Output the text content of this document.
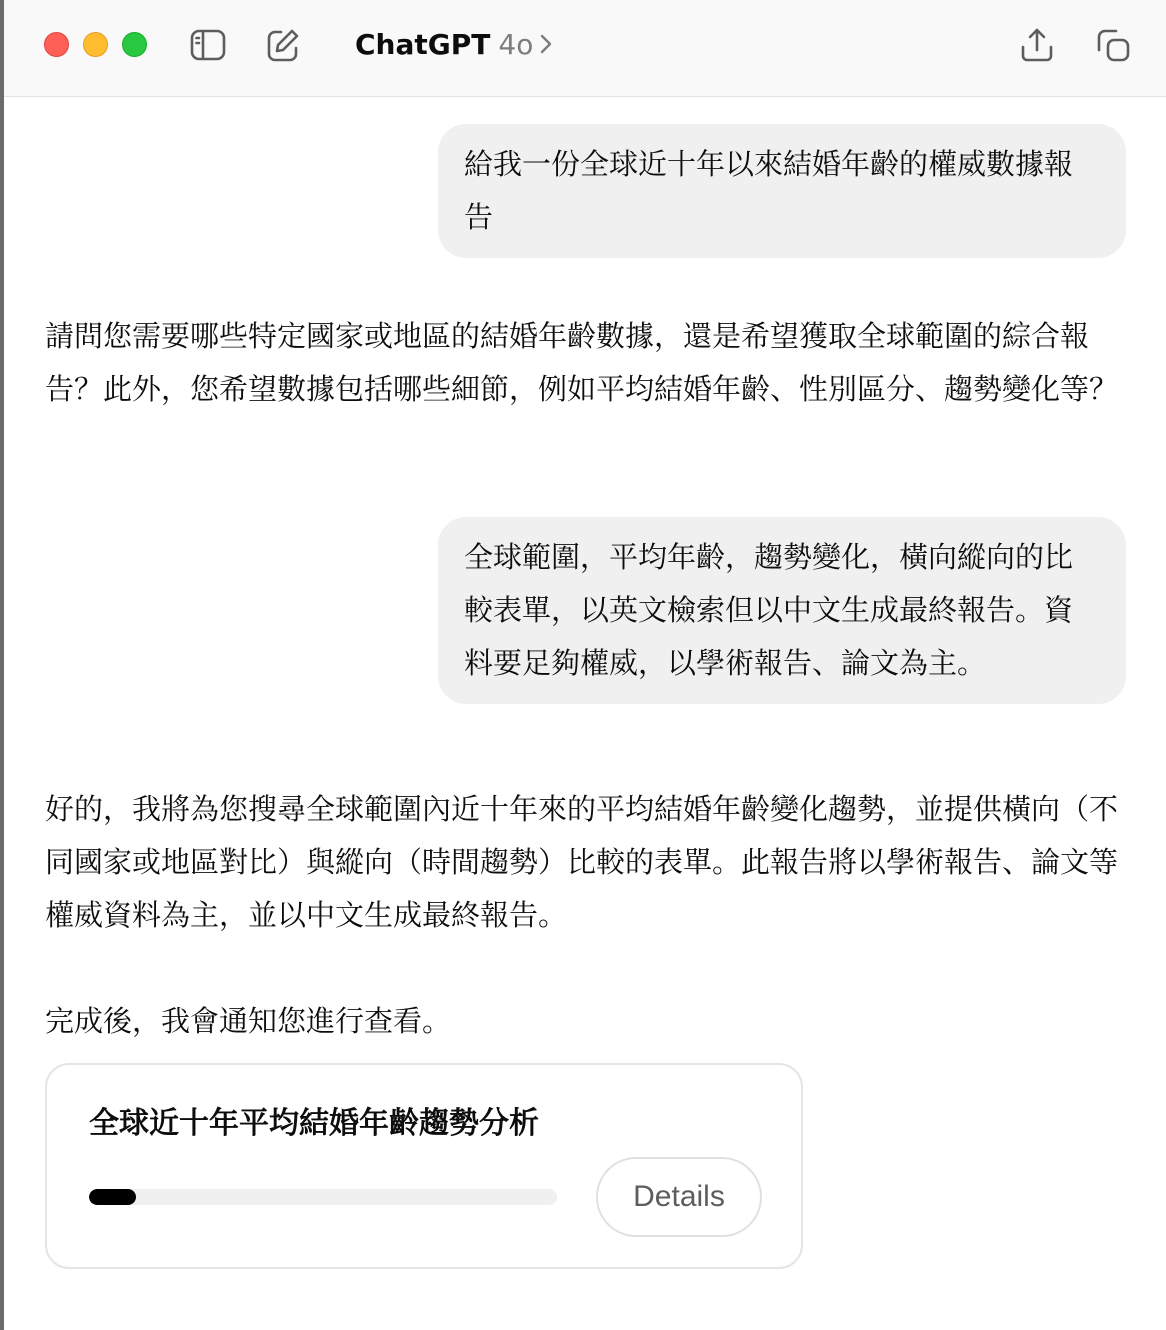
ChatGPT 4o
給我一份全球近十年以來結婚年齡的權威數據報告
請問您需要哪些特定國家或地區的結婚年齡數據，還是希望獲取全球範圍的綜合報告？此外，您希望數據包括哪些細節，例如平均結婚年齡、性別區分、趨勢變化等？
全球範圍，平均年齡，趨勢變化，橫向縱向的比較表單，以英文檢索但以中文生成最終報告。資料要足夠權威，以學術報告、論文為主。
好的，我將為您搜尋全球範圍內近十年來的平均結婚年齡變化趨勢，並提供橫向（不同國家或地區對比）與縱向（時間趨勢）比較的表單。此報告將以學術報告、論文等權威資料為主，並以中文生成最終報告。
完成後，我會通知您進行查看。
全球近十年平均結婚年齡趨勢分析
Details
